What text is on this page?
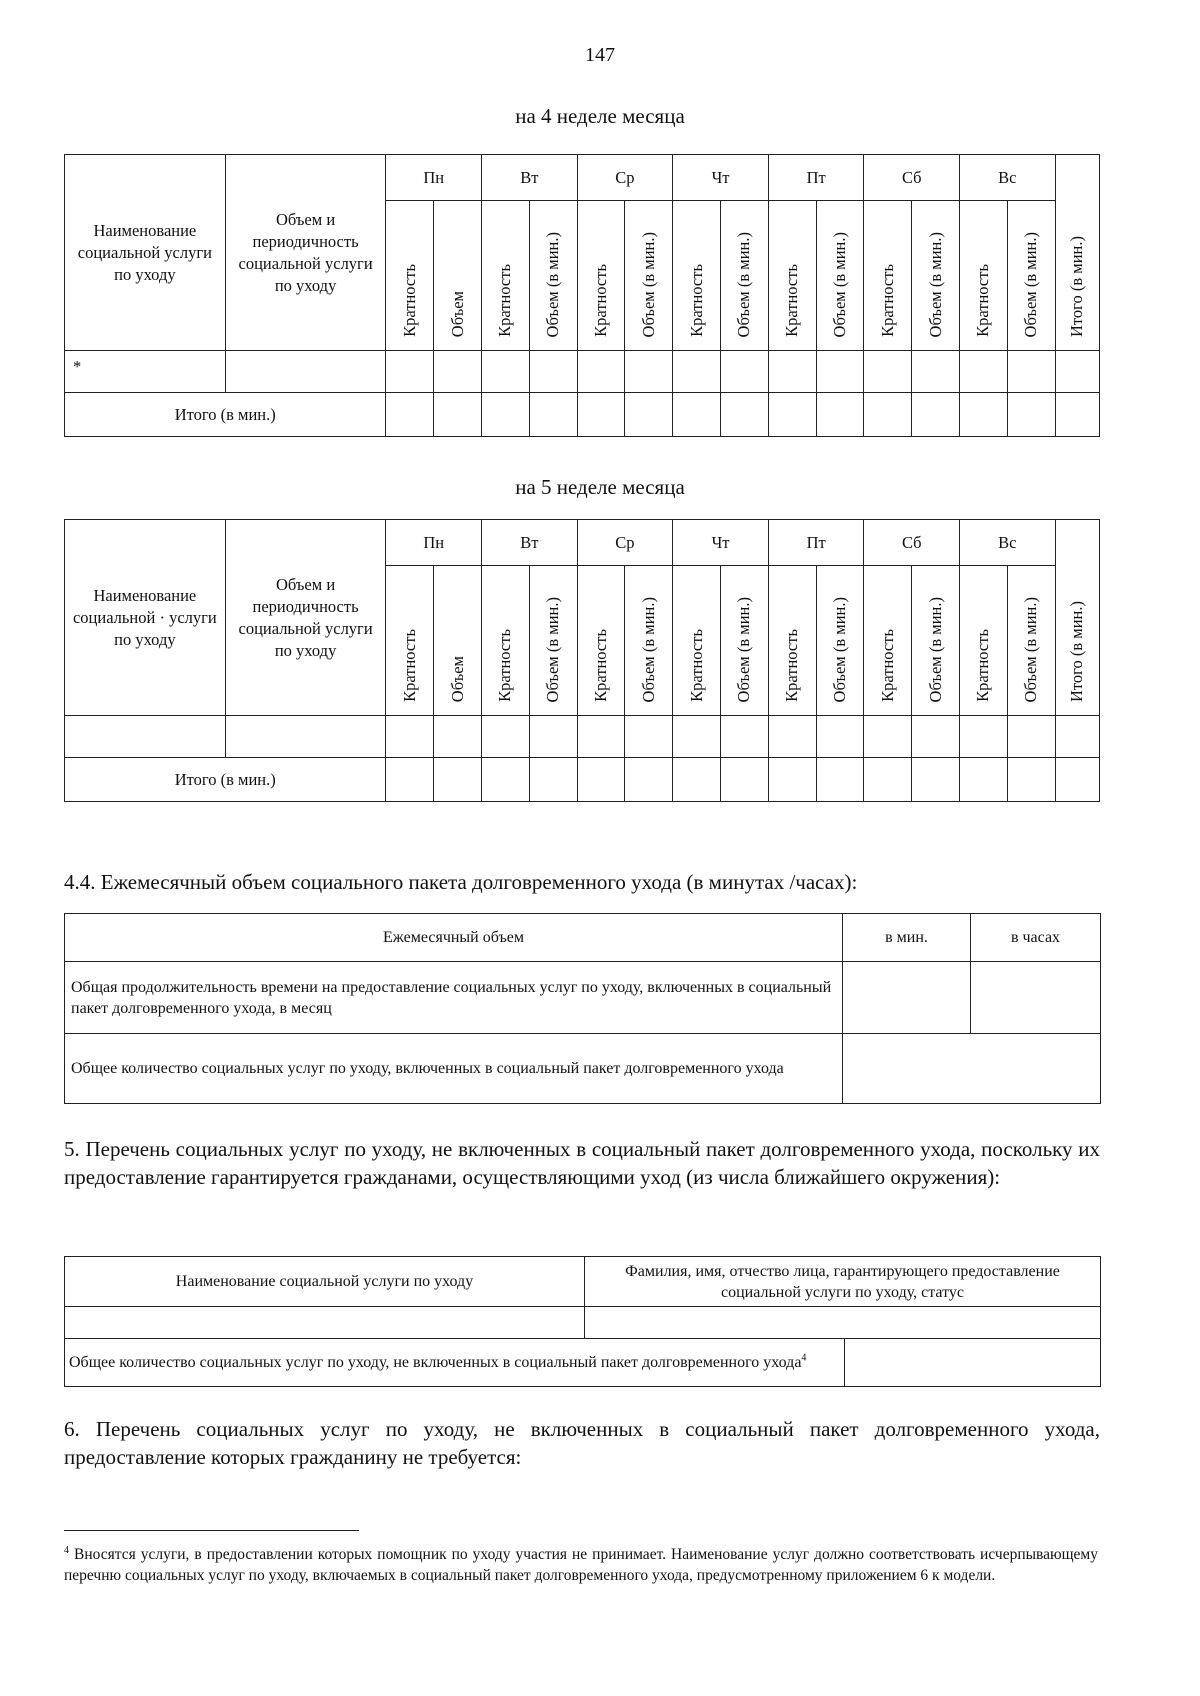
147
на 4 неделе месяца
Наименование социальной услуги по уходу	Объем и периодичность социальной услуги по уходу	Пн		Вт		Ср		Чт		Пт		Сб		Вс		Итого (в мин.)
		Кратность	Объем	Кратность	Объем (в мин.)	Кратность	Объем (в мин.)	Кратность	Объем (в мин.)	Кратность	Объем (в мин.)	Кратность	Объем (в мин.)	Кратность	Объем (в мин.)	
*																
Итого (в мин.)																
на 5 неделе месяца
Наименование социальной · услуги по уходу	Объем и периодичность социальной услуги по уходу	Пн		Вт		Ср		Чт		Пт		Сб		Вс		Итого (в мин.)
		Кратность	Объем	Кратность	Объем (в мин.)	Кратность	Объем (в мин.)	Кратность	Объем (в мин.)	Кратность	Объем (в мин.)	Кратность	Объем (в мин.)	Кратность	Объем (в мин.)	

Итого (в мин.)																
4.4. Ежемесячный объем социального пакета долговременного ухода (в минутах /часах):
Ежемесячный объем	в мин.	в часах
Общая продолжительность времени на предоставление социальных услуг по уходу, включенных в социальный пакет долговременного ухода, в месяц		
Общее количество социальных услуг по уходу, включенных в социальный пакет долговременного ухода		
5. Перечень социальных услуг по уходу, не включенных в социальный пакет долговременного ухода, поскольку их предоставление гарантируется гражданами, осуществляющими уход (из числа ближайшего окружения):
Наименование социальной услуги по уходу	Фамилия, имя, отчество лица, гарантирующего предоставление социальной услуги по уходу, статус	

Общее количество социальных услуг по уходу, не включенных в социальный пакет долговременного ухода$^4$	
6. Перечень социальных услуг по уходу, не включенных в социальный пакет долговременного ухода, предоставление которых гражданину не требуется:
$^4$ Вносятся услуги, в предоставлении которых помощник по уходу участия не принимает. Наименование услуг должно соответствовать исчерпывающему перечню социальных услуг по уходу, включаемых в социальный пакет долговременного ухода, предусмотренному приложением 6 к модели.
